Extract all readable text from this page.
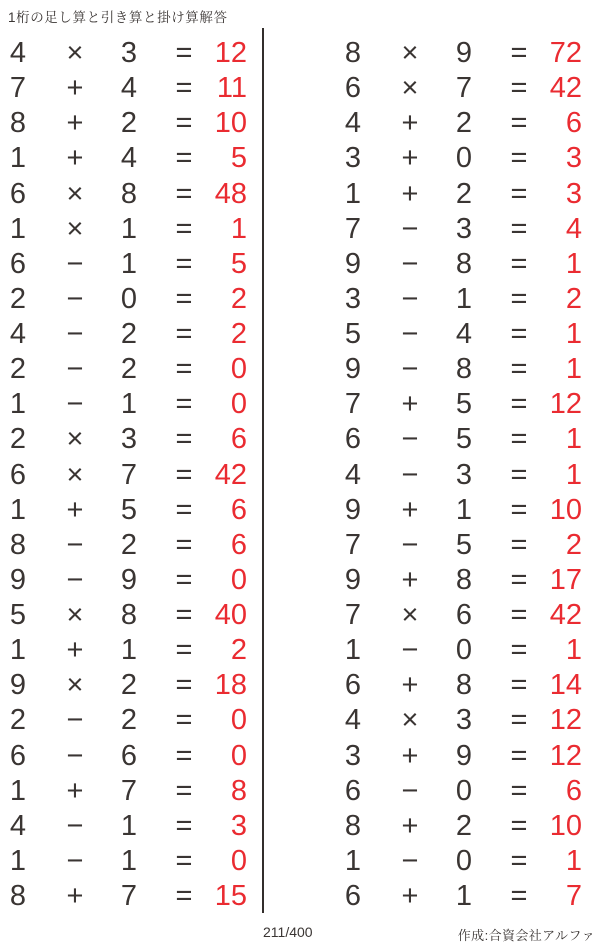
1桁の足し算と引き算と掛け算解答
4 × 3 = 12
7 + 4 = 11
8 + 2 = 10
1 + 4 =	5
6 × 8 = 48
1 × 1 =	1
6 − 1 =	5
2 − 0 =	2
4 − 2 =	2
2 − 2 =	0
1 − 1 =	0
2 × 3 =	6
6 × 7 = 42
1 + 5 =	6
8 − 2 =	6
9 − 9 =	0
5 × 8 = 40
1 + 1 =	2
9 × 2 = 18
2 − 2 =	0
6 − 6 =	0
1 + 7 =	8
4 − 1 =	3
1 − 1 =	0
8 + 7 = 15
8 × 9 = 72
6 × 7 = 42
4 + 2 =	6
3 + 0 =	3
1 + 2 =	3
7 − 3 =	4
9 − 8 =	1
3 − 1 =	2
5 − 4 =	1
9 − 8 =	1
7 + 5 = 12
6 − 5 =	1
4 − 3 =	1
9 + 1 = 10
7 − 5 =	2
9 + 8 = 17
7 × 6 = 42
1 − 0 =	1
6 + 8 = 14
4 × 3 = 12
3 + 9 = 12
6 − 0 =	6
8 + 2 = 10
1 − 0 =	1
6 + 1 =	7
211/400	作成:合資会社アルファ
